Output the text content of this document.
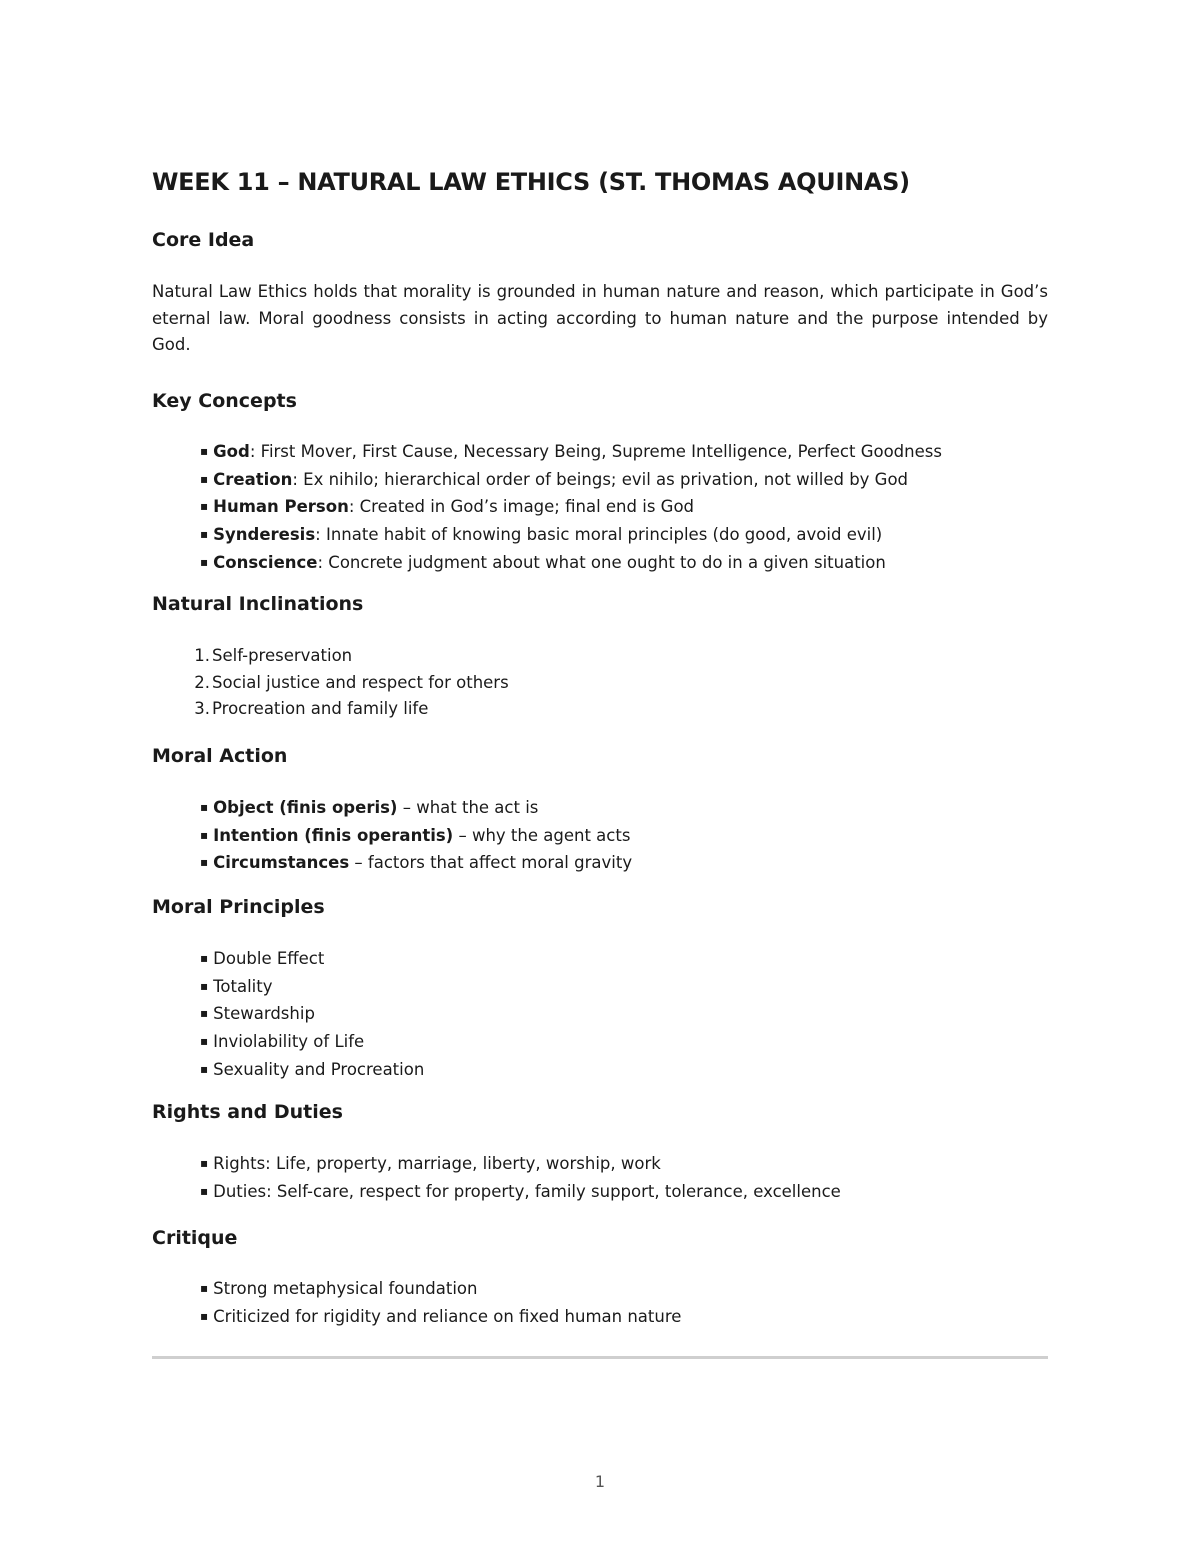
WEEK 11 – NATURAL LAW ETHICS (ST. THOMAS AQUINAS)
Core Idea

Natural Law Ethics holds that morality is grounded in human nature and reason, which participate in God’s eternal law. Moral goodness consists in acting according to human nature and the purpose intended by God.

Key Concepts
▪ God: First Mover, First Cause, Necessary Being, Supreme Intelligence, Perfect Goodness
▪ Creation: Ex nihilo; hierarchical order of beings; evil as privation, not willed by God
▪ Human Person: Created in God’s image; final end is God
▪ Synderesis: Innate habit of knowing basic moral principles (do good, avoid evil)
▪ Conscience: Concrete judgment about what one ought to do in a given situation
Natural Inclinations
1. Self-preservation
2. Social justice and respect for others
3. Procreation and family life
Moral Action
▪ Object (finis operis) – what the act is
▪ Intention (finis operantis) – why the agent acts
▪ Circumstances – factors that affect moral gravity
Moral Principles
▪ Double Effect
▪ Totality
▪ Stewardship
▪ Inviolability of Life
▪ Sexuality and Procreation
Rights and Duties
▪ Rights: Life, property, marriage, liberty, worship, work
▪ Duties: Self-care, respect for property, family support, tolerance, excellence
Critique
▪ Strong metaphysical foundation
▪ Criticized for rigidity and reliance on fixed human nature
1
